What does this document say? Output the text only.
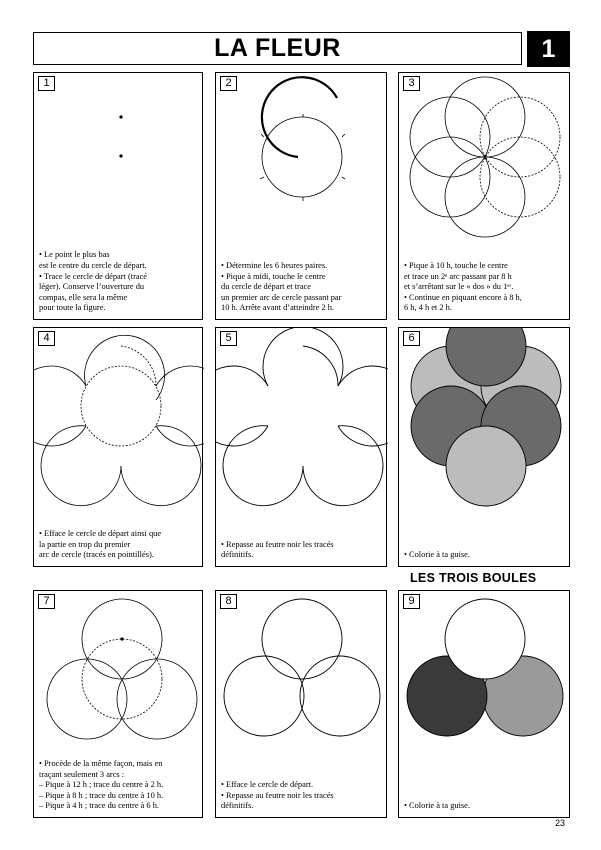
LA FLEUR	1
1
• Le point le plus bas
est le centre du cercle de départ.
• Trace le cercle de départ (tracé
léger). Conserve l’ouverture du
compas, elle sera la même
pour toute la figure.
2
• Détermine les 6 heures paires.
• Pique à midi, touche le centre
du cercle de départ et trace
un premier arc de cercle passant par
10 h. Arrête avant d’atteindre 2 h.
3
• Pique à 10 h, touche le centre
et trace un 2ᵉ arc passant par 8 h
et s’arrêtant sur le « dos » du 1ᵉʳ.
• Continue en piquant encore à 8 h,
6 h, 4 h et 2 h.
4
• Efface le cercle de départ ainsi que
la partie en trop du premier
arc de cercle (tracés en pointillés).
5
• Repasse au feutre noir les tracés
définitifs.
6
• Colorie à ta guise.
LES TROIS BOULES
7
• Procède de la même façon, mais en
traçant seulement 3 arcs :
– Pique à 12 h ; trace du centre à 2 h.
– Pique à 8 h ; trace du centre à 10 h.
– Pique à 4 h ; trace du centre à 6 h.
8
• Efface le cercle de départ.
• Repasse au feutre noir les tracés
définitifs.
9
• Colorie à ta guise.
23
